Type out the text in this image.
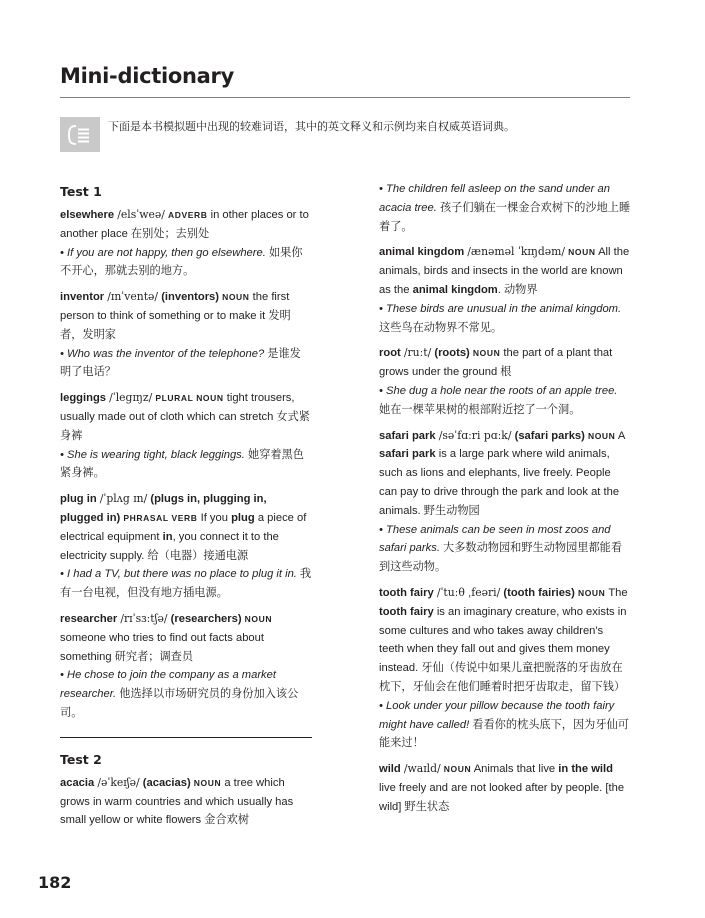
Mini-dictionary

下面是本书模拟题中出现的较难词语，其中的英文释义和示例均来自权威英语词典。

Test 1

elsewhere /elsˈweə/ ADVERB in other places or to another place 在别处；去别处
• If you are not happy, then go elsewhere. 如果你不开心，那就去别的地方。

inventor /ɪnˈventə/ (inventors) NOUN the first person to think of something or to make it 发明者，发明家
• Who was the inventor of the telephone? 是谁发明了电话？

leggings /ˈlegɪŋz/ PLURAL NOUN tight trousers, usually made out of cloth which can stretch 女式紧身裤
• She is wearing tight, black leggings. 她穿着黑色紧身裤。

plug in /ˈplʌg ɪn/ (plugs in, plugging in, plugged in) PHRASAL VERB If you plug a piece of electrical equipment in, you connect it to the electricity supply. 给（电器）接通电源
• I had a TV, but there was no place to plug it in. 我有一台电视，但没有地方插电源。

researcher /rɪˈsɜːtʃə/ (researchers) NOUN someone who tries to find out facts about something 研究者；调查员
• He chose to join the company as a market researcher. 他选择以市场研究员的身份加入该公司。

Test 2

acacia /əˈkeɪʃə/ (acacias) NOUN a tree which grows in warm countries and which usually has small yellow or white flowers 金合欢树

• The children fell asleep on the sand under an acacia tree. 孩子们躺在一棵金合欢树下的沙地上睡着了。

animal kingdom /ænəməl ˈkɪŋdəm/ NOUN All the animals, birds and insects in the world are known as the animal kingdom. 动物界
• These birds are unusual in the animal kingdom. 这些鸟在动物界不常见。

root /ruːt/ (roots) NOUN the part of a plant that grows under the ground 根
• She dug a hole near the roots of an apple tree. 她在一棵苹果树的根部附近挖了一个洞。

safari park /səˈfɑːri pɑːk/ (safari parks) NOUN A safari park is a large park where wild animals, such as lions and elephants, live freely. People can pay to drive through the park and look at the animals. 野生动物园
• These animals can be seen in most zoos and safari parks. 大多数动物园和野生动物园里都能看到这些动物。

tooth fairy /ˈtuːθ ˌfeəri/ (tooth fairies) NOUN The tooth fairy is an imaginary creature, who exists in some cultures and who takes away children's teeth when they fall out and gives them money instead. 牙仙（传说中如果儿童把脱落的牙齿放在枕下，牙仙会在他们睡着时把牙齿取走，留下钱）
• Look under your pillow because the tooth fairy might have called! 看看你的枕头底下，因为牙仙可能来过！

wild /waɪld/ NOUN Animals that live in the wild live freely and are not looked after by people. [the wild] 野生状态

182
